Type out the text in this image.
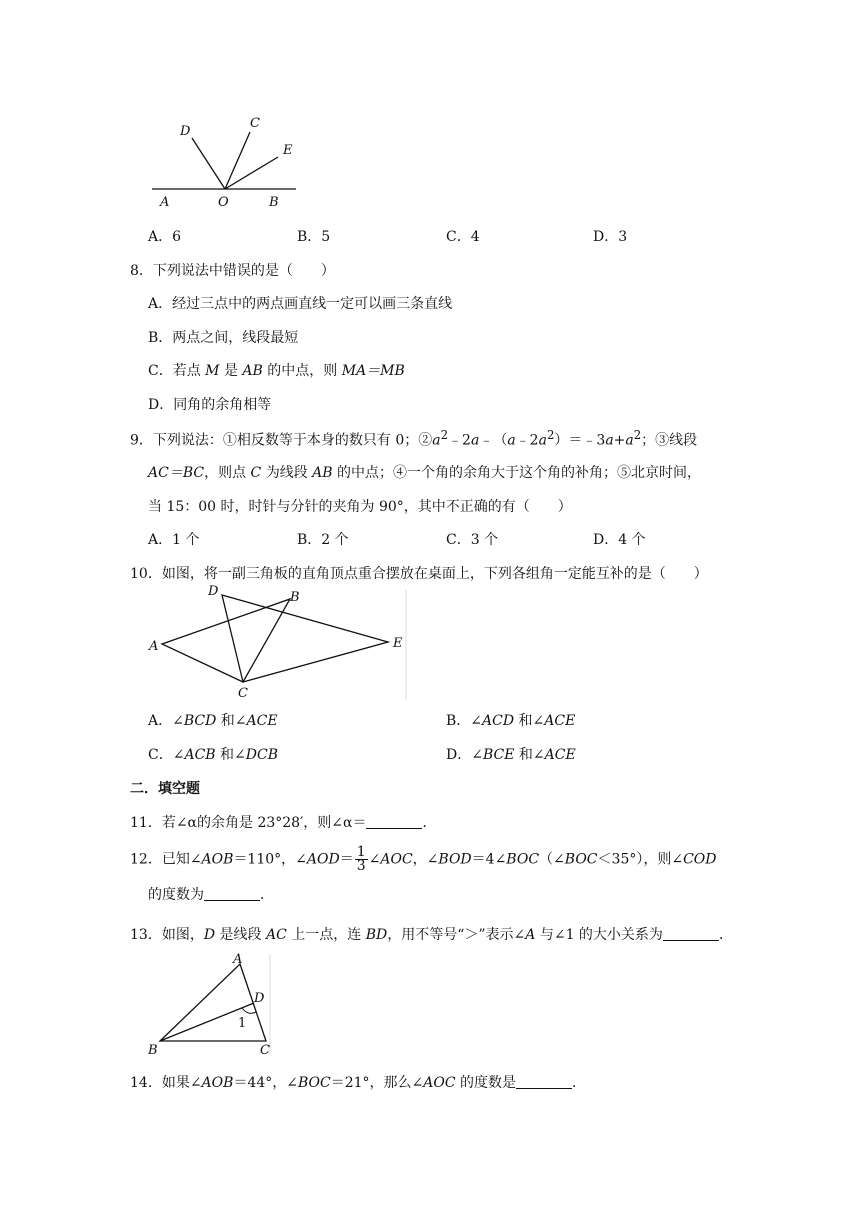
D
C
E
A	O	B
A．6	B．5	C．4	D．3
8．下列说法中错误的是（　　）
A．经过三点中的两点画直线一定可以画三条直线
B．两点之间，线段最短
C．若点 M 是 AB 的中点，则 MA＝MB
D．同角的余角相等
9．下列说法：①相反数等于本身的数只有 0；$②a^2﹣2a﹣(a﹣2a^2)=﹣3a+a^2$；③线段
AC＝BC，则点 C 为线段 AB 的中点；④一个角的余角大于这个角的补角；⑤北京时间，
当 15：00 时，时针与分针的夹角为 90°，其中不正确的有（　　）
A．1 个	B．2 个	C．3 个	D．4 个
10．如图，将一副三角板的直角顶点重合摆放在桌面上，下列各组角一定能互补的是（　　）
D	B
A	E
C
A．∠BCD 和∠ACE	B．∠ACD 和∠ACE
C．∠ACB 和∠DCB	D．∠BCE 和∠ACE
二．填空题
11．若∠α的余角是 23°28′，则∠α＝	．
12．已知∠AOB＝110°，∠AOD＝ $\frac{1}{3}$ ∠AOC，∠BOD＝4∠BOC（∠BOC＜35°），则∠COD
的度数为	．
13．如图，D 是线段 AC 上一点，连 BD，用不等号“＞”表示∠A 与∠1 的大小关系为	．
A
D
1
B	C
14．如果∠AOB＝44°，∠BOC＝21°，那么∠AOC 的度数是	．
